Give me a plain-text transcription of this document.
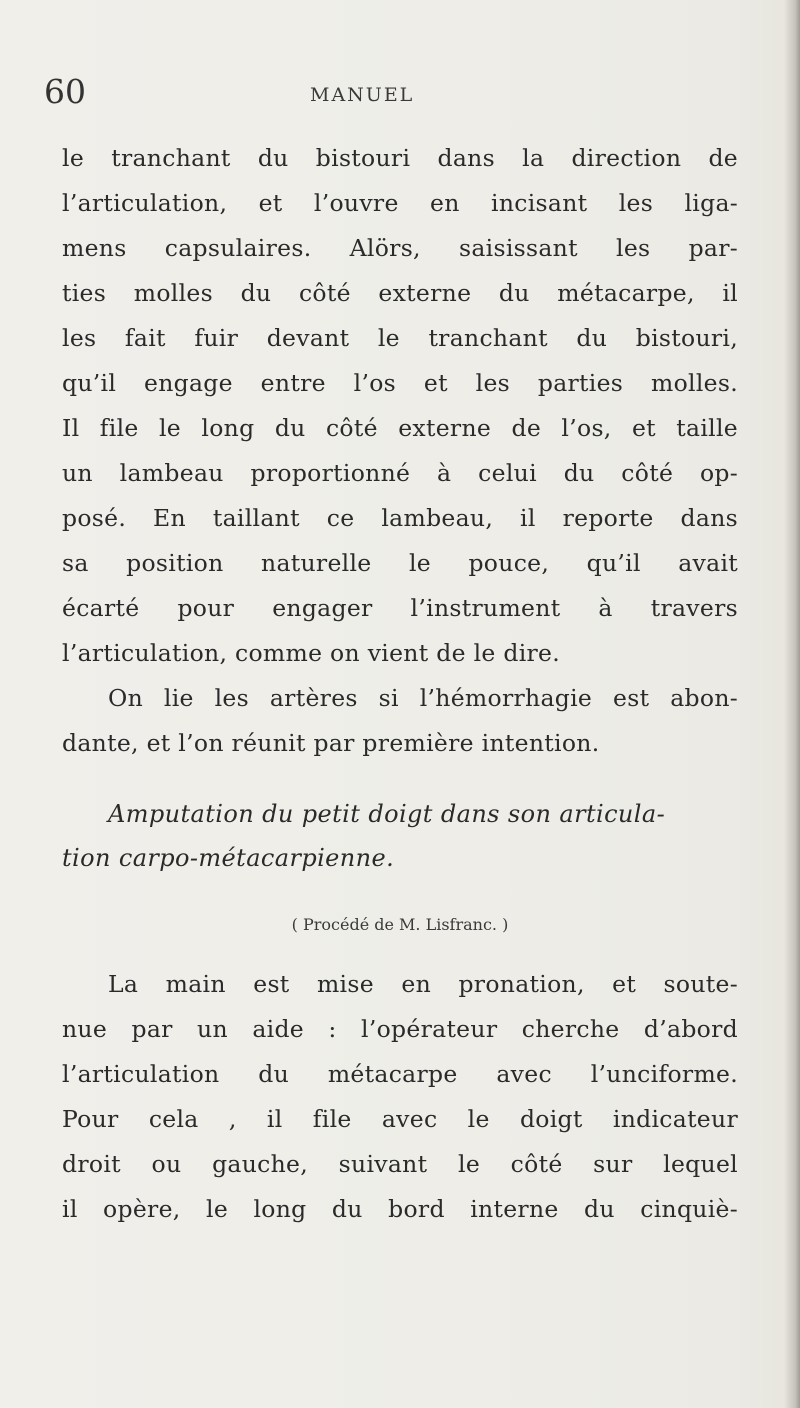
60	MANUEL
le tranchant du bistouri dans la direction de
l’articulation, et l’ouvre en incisant les liga-
mens capsulaires. Alörs, saisissant les par-
ties molles du côté externe du métacarpe, il
les fait fuir devant le tranchant du bistouri,
qu’il engage entre l’os et les parties molles.
Il file le long du côté externe de l’os, et taille
un lambeau proportionné à celui du côté op-
posé. En taillant ce lambeau, il reporte dans
sa position naturelle le pouce, qu’il avait
écarté pour engager l’instrument à travers
l’articulation, comme on vient de le dire.
On lie les artères si l’hémorrhagie est abon-
dante, et l’on réunit par première intention.
Amputation du petit doigt dans son articula-
tion carpo-métacarpienne.
( Procédé de M. Lisfranc. )
La main est mise en pronation, et soute-
nue par un aide : l’opérateur cherche d’abord
l’articulation du métacarpe avec l’unciforme.
Pour cela , il file avec le doigt indicateur
droit ou gauche, suivant le côté sur lequel
il opère, le long du bord interne du cinquiè-
